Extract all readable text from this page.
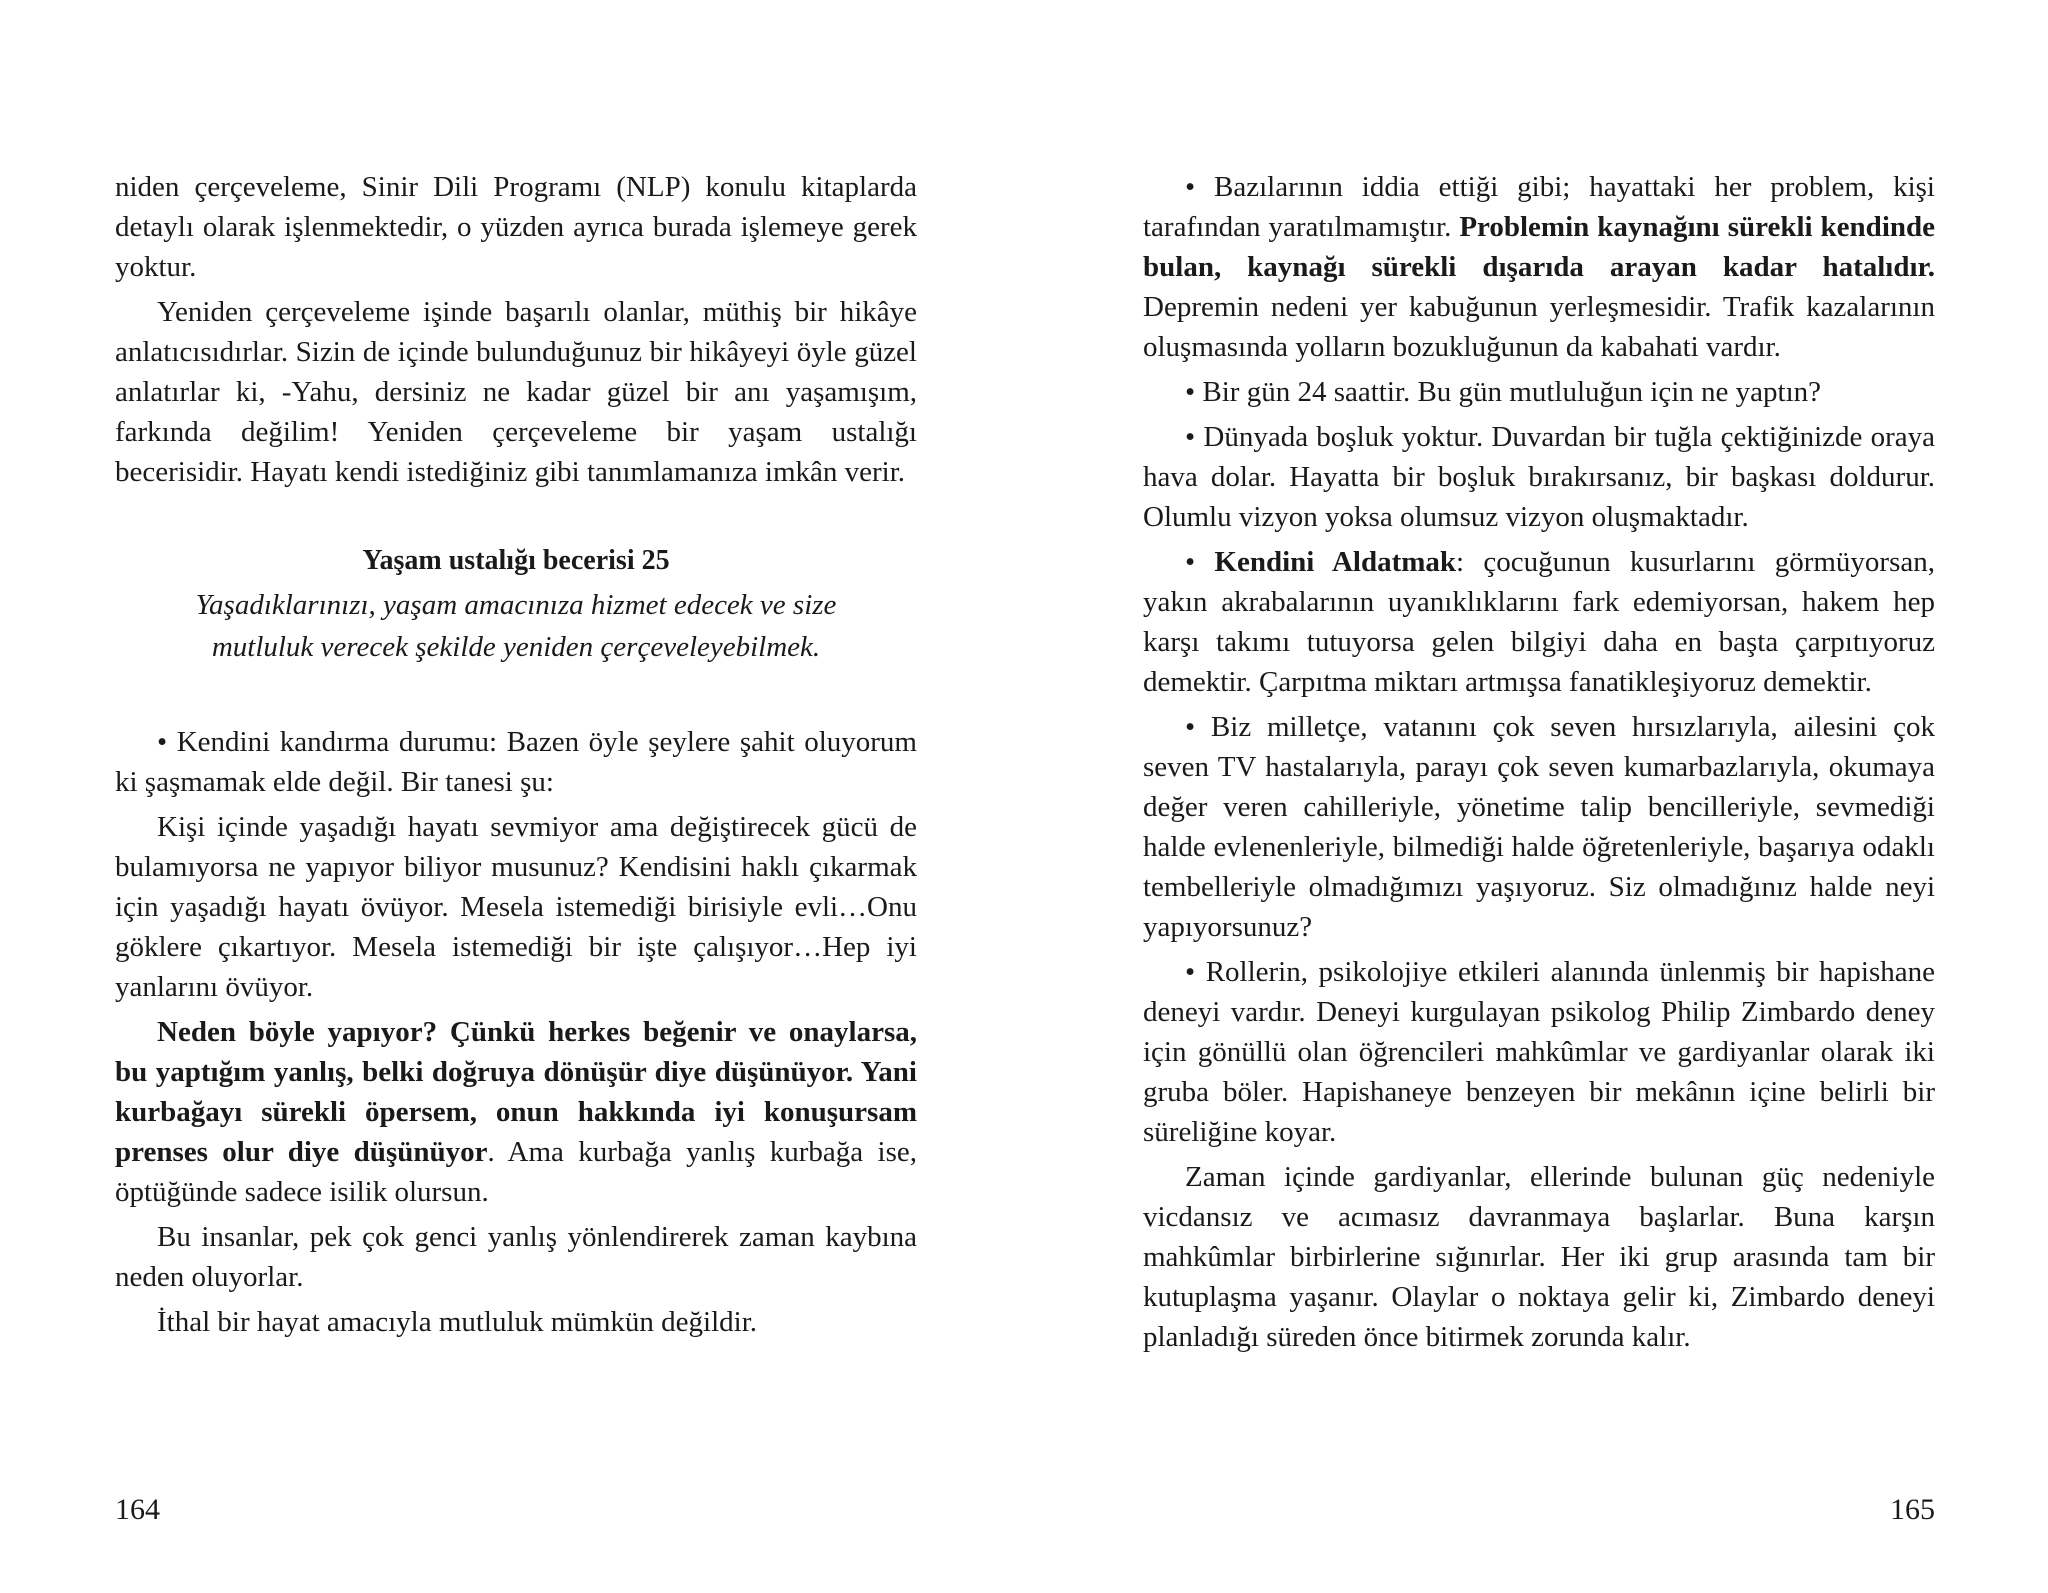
niden çerçeveleme, Sinir Dili Programı (NLP) konulu kitaplarda detaylı olarak işlenmektedir, o yüzden ayrıca burada işlemeye gerek yoktur.

Yeniden çerçeveleme işinde başarılı olanlar, müthiş bir hikâye anlatıcısıdırlar. Sizin de içinde bulunduğunuz bir hikâyeyi öyle güzel anlatırlar ki, -Yahu, dersiniz ne kadar güzel bir anı yaşamışım, farkında değilim! Yeniden çerçeveleme bir yaşam ustalığı becerisidir. Hayatı kendi istediğiniz gibi tanımlamanıza imkân verir.

Yaşam ustalığı becerisi 25

Yaşadıklarınızı, yaşam amacınıza hizmet edecek ve size
mutluluk verecek şekilde yeniden çerçeveleyebilmek.

• Kendini kandırma durumu: Bazen öyle şeylere şahit oluyorum ki şaşmamak elde değil. Bir tanesi şu:

Kişi içinde yaşadığı hayatı sevmiyor ama değiştirecek gücü de bulamıyorsa ne yapıyor biliyor musunuz? Kendisini haklı çıkarmak için yaşadığı hayatı övüyor. Mesela istemediği birisiyle evli…Onu göklere çıkartıyor. Mesela istemediği bir işte çalışıyor…Hep iyi yanlarını övüyor.

Neden böyle yapıyor? Çünkü herkes beğenir ve onaylarsa, bu yaptığım yanlış, belki doğruya dönüşür diye düşünüyor. Yani kurbağayı sürekli öpersem, onun hakkında iyi konuşursam prenses olur diye düşünüyor. Ama kurbağa yanlış kurbağa ise, öptüğünde sadece isilik olursun.

Bu insanlar, pek çok genci yanlış yönlendirerek zaman kaybına neden oluyorlar.

İthal bir hayat amacıyla mutluluk mümkün değildir.

164

• Bazılarının iddia ettiği gibi; hayattaki her problem, kişi tarafından yaratılmamıştır. Problemin kaynağını sürekli kendinde bulan, kaynağı sürekli dışarıda arayan kadar hatalıdır. Depremin nedeni yer kabuğunun yerleşmesidir. Trafik kazalarının oluşmasında yolların bozukluğunun da kabahati vardır.

• Bir gün 24 saattir. Bu gün mutluluğun için ne yaptın?

• Dünyada boşluk yoktur. Duvardan bir tuğla çektiğinizde oraya hava dolar. Hayatta bir boşluk bırakırsanız, bir başkası doldurur. Olumlu vizyon yoksa olumsuz vizyon oluşmaktadır.

• Kendini Aldatmak: çocuğunun kusurlarını görmüyorsan, yakın akrabalarının uyanıklıklarını fark edemiyorsan, hakem hep karşı takımı tutuyorsa gelen bilgiyi daha en başta çarpıtıyoruz demektir. Çarpıtma miktarı artmışsa fanatikleşiyoruz demektir.

• Biz milletçe, vatanını çok seven hırsızlarıyla, ailesini çok seven TV hastalarıyla, parayı çok seven kumarbazlarıyla, okumaya değer veren cahilleriyle, yönetime talip bencilleriyle, sevmediği halde evlenenleriyle, bilmediği halde öğretenleriyle, başarıya odaklı tembelleriyle olmadığımızı yaşıyoruz. Siz olmadığınız halde neyi yapıyorsunuz?

• Rollerin, psikolojiye etkileri alanında ünlenmiş bir hapishane deneyi vardır. Deneyi kurgulayan psikolog Philip Zimbardo deney için gönüllü olan öğrencileri mahkûmlar ve gardiyanlar olarak iki gruba böler. Hapishaneye benzeyen bir mekânın içine belirli bir süreliğine koyar.

Zaman içinde gardiyanlar, ellerinde bulunan güç nedeniyle vicdansız ve acımasız davranmaya başlarlar. Buna karşın mahkûmlar birbirlerine sığınırlar. Her iki grup arasında tam bir kutuplaşma yaşanır. Olaylar o noktaya gelir ki, Zimbardo deneyi planladığı süreden önce bitirmek zorunda kalır.

165
